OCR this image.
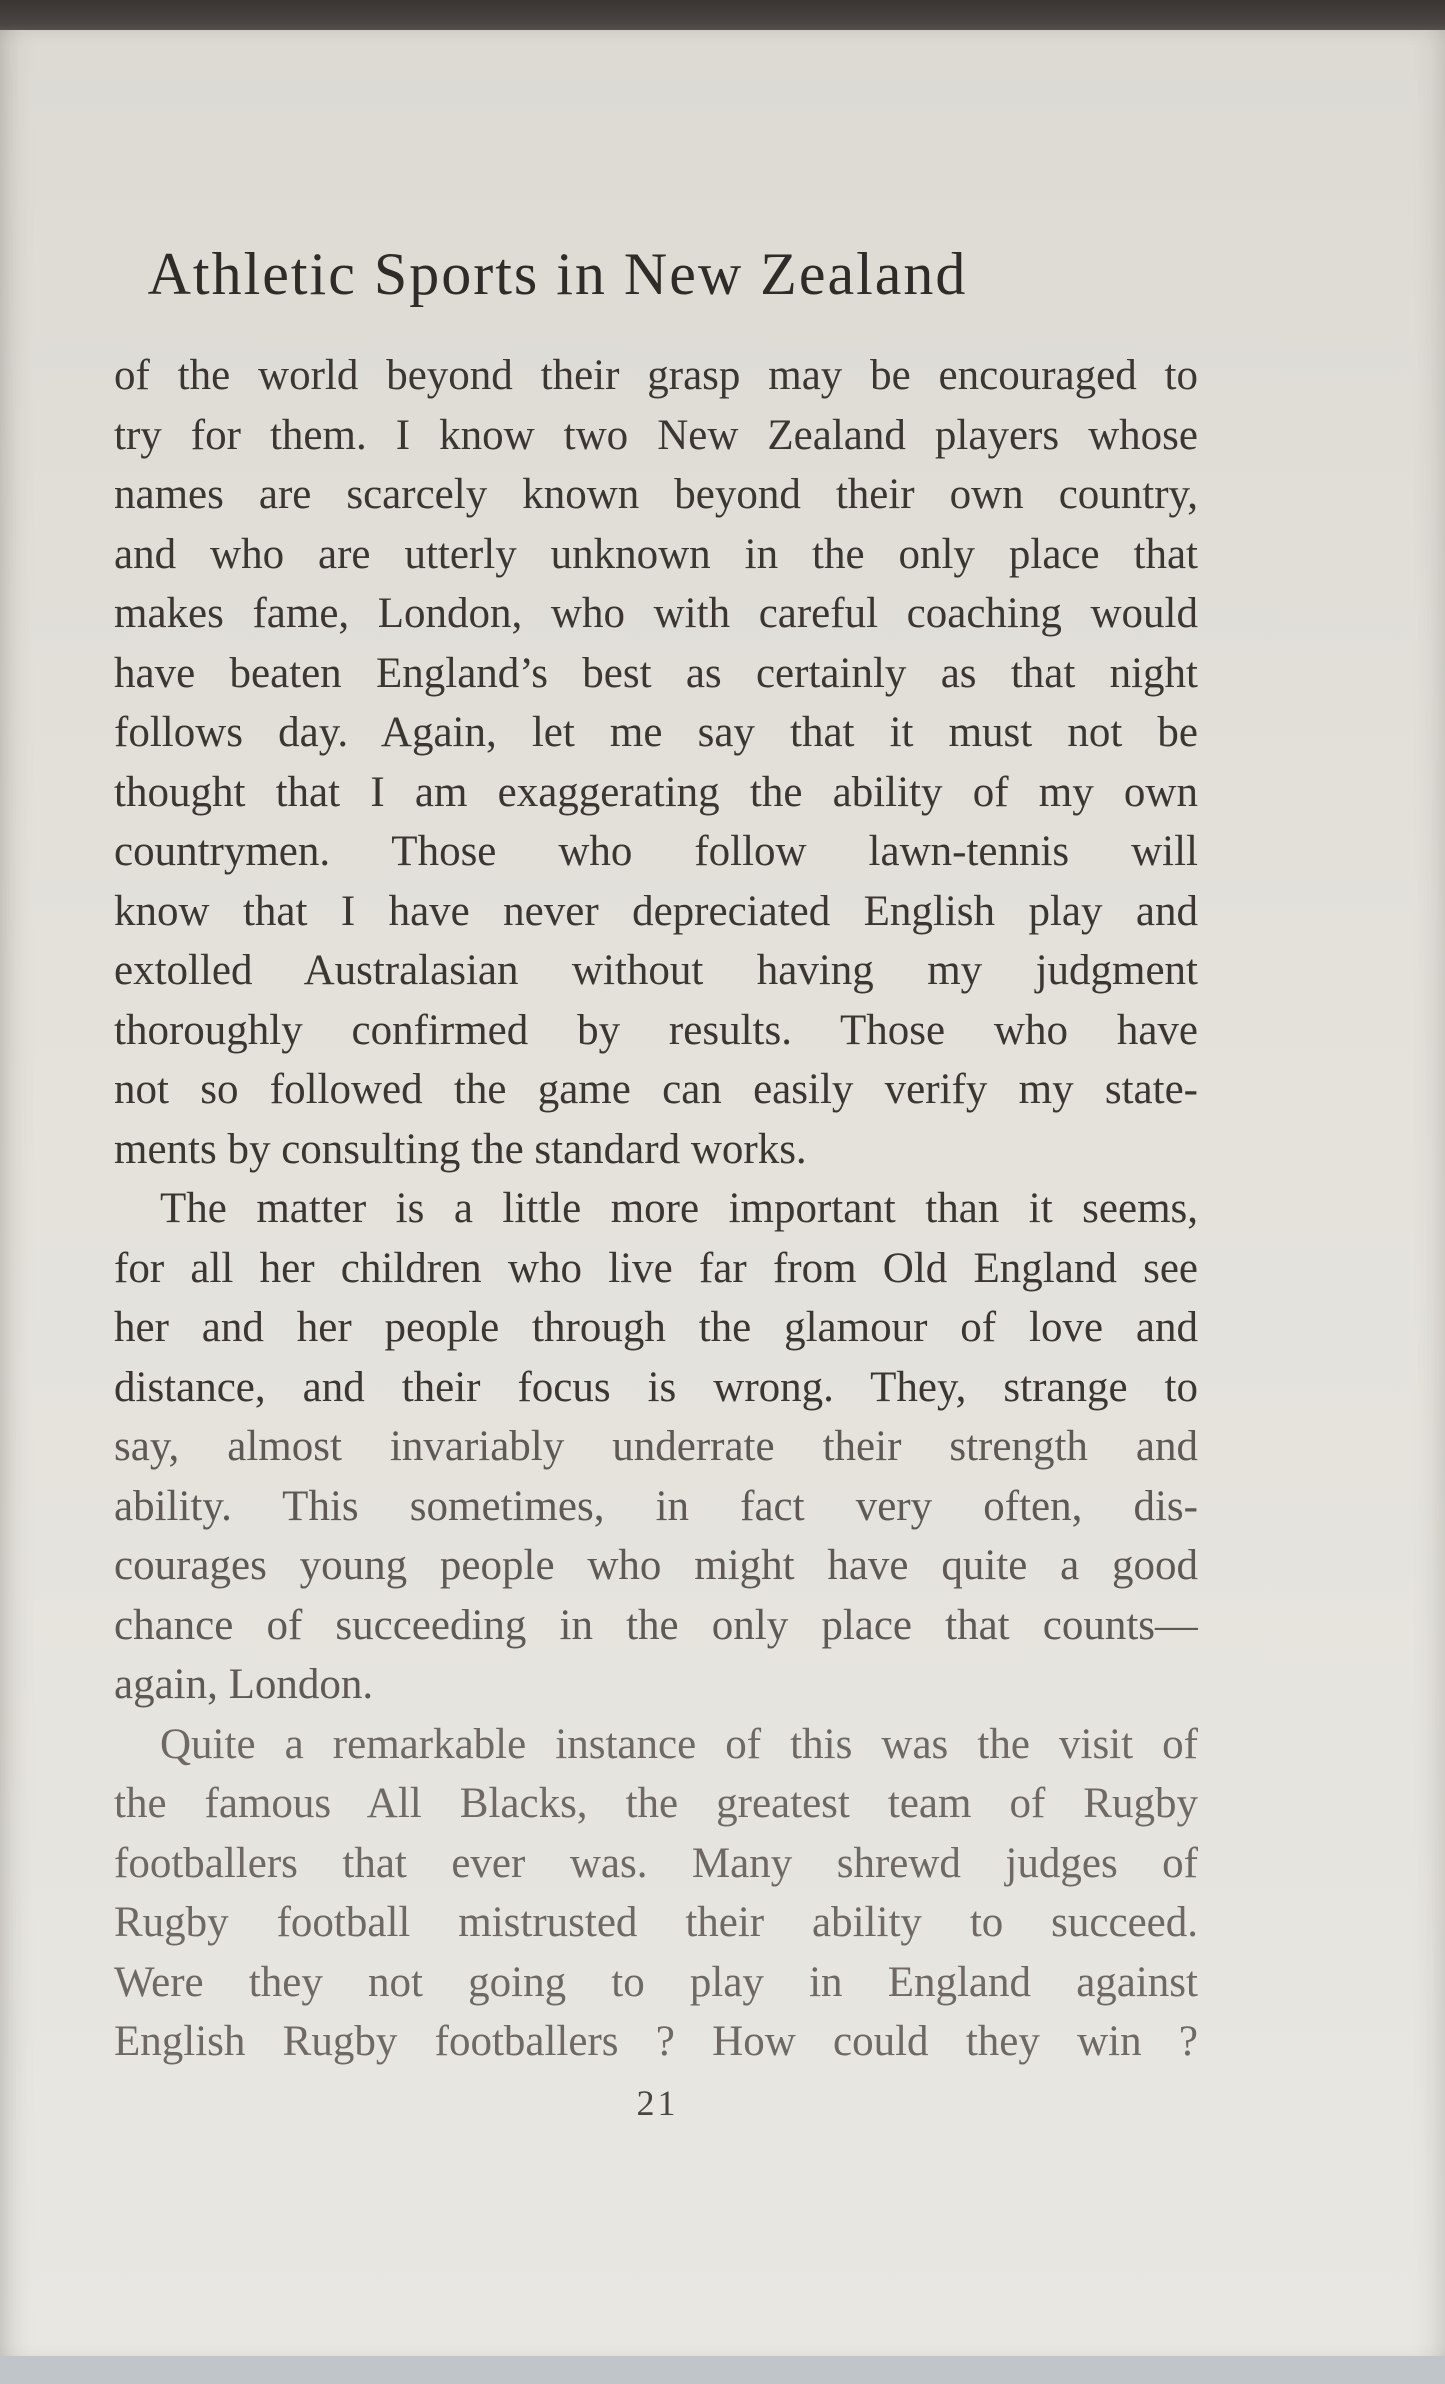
Athletic Sports in New Zealand
of the world beyond their grasp may be encouraged to
try for them. I know two New Zealand players whose
names are scarcely known beyond their own country,
and who are utterly unknown in the only place that
makes fame, London, who with careful coaching would
have beaten England’s best as certainly as that night
follows day. Again, let me say that it must not be
thought that I am exaggerating the ability of my own
countrymen. Those who follow lawn-tennis will
know that I have never depreciated English play and
extolled Australasian without having my judgment
thoroughly confirmed by results. Those who have
not so followed the game can easily verify my state-
ments by consulting the standard works.
The matter is a little more important than it seems,
for all her children who live far from Old England see
her and her people through the glamour of love and
distance, and their focus is wrong. They, strange to
say, almost invariably underrate their strength and
ability. This sometimes, in fact very often, dis-
courages young people who might have quite a good
chance of succeeding in the only place that counts—
again, London.
Quite a remarkable instance of this was the visit of
the famous All Blacks, the greatest team of Rugby
footballers that ever was. Many shrewd judges of
Rugby football mistrusted their ability to succeed.
Were they not going to play in England against
English Rugby footballers ? How could they win ?
21
